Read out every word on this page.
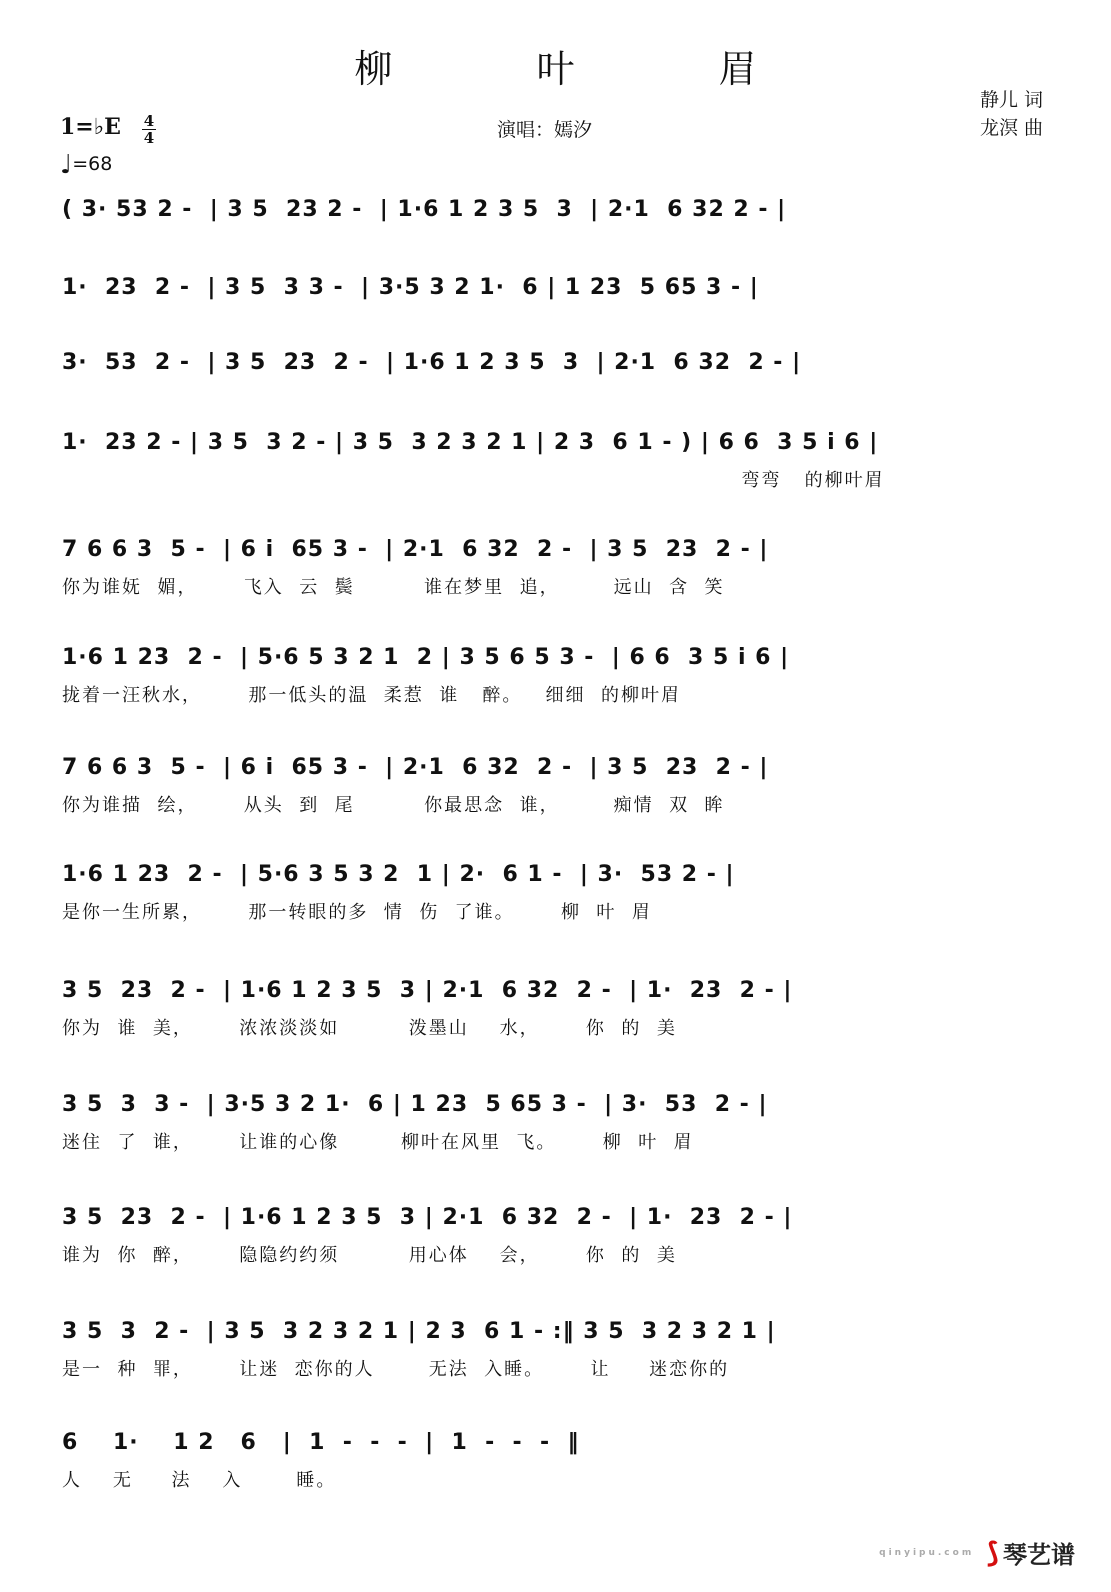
柳 叶 眉
静儿 词
龙溟 曲
1=♭E 4
4
♩=68
演唱：嫣汐
( 3· 53 2 -  | 3 5  23 2 -  | 1·6 1 2 3 5  3  | 2·1  6 32 2 - |
1·  23  2 -  | 3 5  3 3 -  | 3·5 3 2 1·  6 | 1 23  5 65 3 - |
3·  53  2 -  | 3 5  23  2 -  | 1·6 1 2 3 5  3  | 2·1  6 32  2 - |
1·  23 2 - | 3 5  3 2 - | 3 5  3 2 3 2 1 | 2 3  6 1 - ) | 6 6  3 5 i 6 |
弯弯   的柳叶眉
7 6 6 3  5 -  | 6 i  65 3 -  | 2·1  6 32  2 -  | 3 5  23  2 - |
你为谁妩  媚，      飞入  云  鬓         谁在梦里  追，       远山  含  笑
1·6 1 23  2 -  | 5·6 5 3 2 1  2 | 3 5 6 5 3 -  | 6 6  3 5 i 6 |
拢着一汪秋水，      那一低头的温  柔惹  谁   醉。   细细  的柳叶眉
7 6 6 3  5 -  | 6 i  65 3 -  | 2·1  6 32  2 -  | 3 5  23  2 - |
你为谁描  绘，      从头  到  尾         你最思念  谁，       痴情  双  眸
1·6 1 23  2 -  | 5·6 3 5 3 2  1 | 2·  6 1 -  | 3·  53 2 - |
是你一生所累，      那一转眼的多  情  伤  了谁。      柳  叶  眉
3 5  23  2 -  | 1·6 1 2 3 5  3 | 2·1  6 32  2 -  | 1·  23  2 - |
你为  谁  美，      浓浓淡淡如         泼墨山    水，      你  的  美
3 5  3  3 -  | 3·5 3 2 1·  6 | 1 23  5 65 3 -  | 3·  53  2 - |
迷住  了  谁，      让谁的心像        柳叶在风里  飞。      柳  叶  眉
3 5  23  2 -  | 1·6 1 2 3 5  3 | 2·1  6 32  2 -  | 1·  23  2 - |
谁为  你  醉，      隐隐约约须         用心体    会，      你  的  美
3 5  3  2 -  | 3 5  3 2 3 2 1 | 2 3  6 1 - :‖ 3 5  3 2 3 2 1 |
是一  种  罪，      让迷  恋你的人       无法  入睡。      让     迷恋你的
6    1·    1 2   6   |  1  -  -  -  |  1  -  -  -  ‖
人    无     法    入       睡。
qinyipu.com ⟆ 琴艺谱
